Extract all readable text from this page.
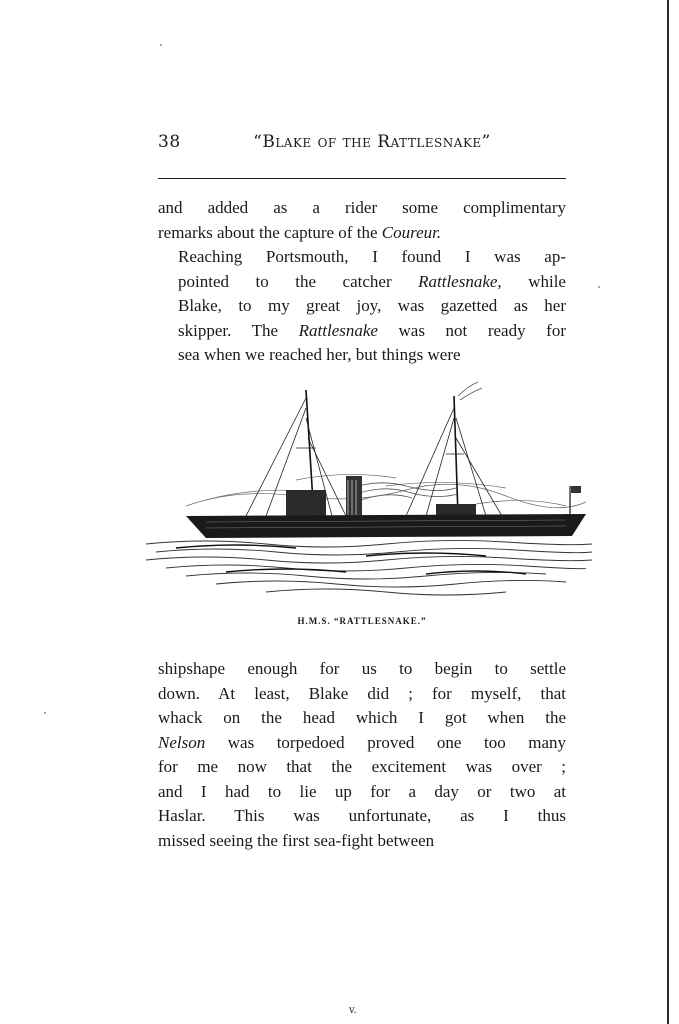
38	“Blake of the Rattlesnake”

and added as a rider some complimentary
remarks about the capture of the Coureur.

Reaching Portsmouth, I found I was ap-
pointed to the catcher Rattlesnake, while
Blake, to my great joy, was gazetted as her
skipper. The Rattlesnake was not ready for
sea when we reached her, but things were

H.M.S. “RATTLESNAKE.”

shipshape enough for us to begin to settle
down. At least, Blake did ; for myself, that
whack on the head which I got when the
Nelson was torpedoed proved one too many
for me now that the excitement was over ;
and I had to lie up for a day or two at
Haslar. This was unfortunate, as I thus
missed seeing the first sea-fight between

v.
